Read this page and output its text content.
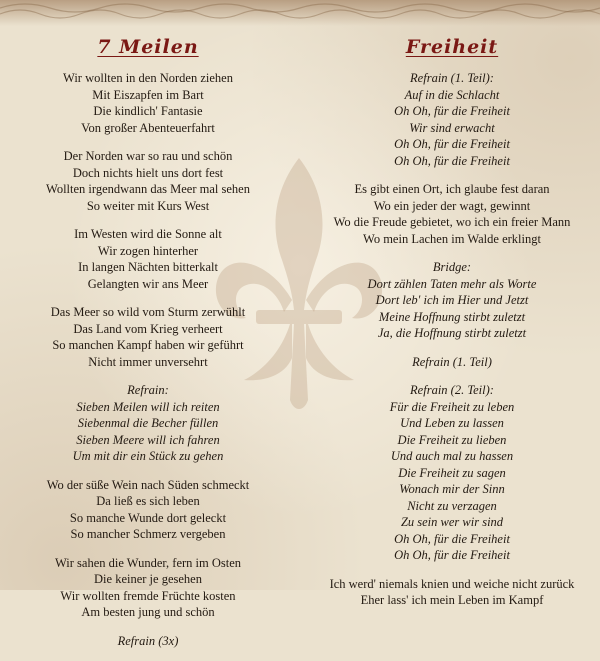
7 Meilen
Wir wollten in den Norden ziehen
Mit Eiszapfen im Bart
Die kindlich' Fantasie
Von großer Abenteuerfahrt
Der Norden war so rau und schön
Doch nichts hielt uns dort fest
Wollten irgendwann das Meer mal sehen
So weiter mit Kurs West
Im Westen wird die Sonne alt
Wir zogen hinterher
In langen Nächten bitterkalt
Gelangten wir ans Meer
Das Meer so wild vom Sturm zerwühlt
Das Land vom Krieg verheert
So manchen Kampf haben wir geführt
Nicht immer unversehrt
Refrain:
Sieben Meilen will ich reiten
Siebenmal die Becher füllen
Sieben Meere will ich fahren
Um mit dir ein Stück zu gehen
Wo der süße Wein nach Süden schmeckt
Da ließ es sich leben
So manche Wunde dort geleckt
So mancher Schmerz vergeben
Wir sahen die Wunder, fern im Osten
Die keiner je gesehen
Wir wollten fremde Früchte kosten
Am besten jung und schön
Refrain (3x)
Freiheit
Refrain (1. Teil):
Auf in die Schlacht
Oh Oh, für die Freiheit
Wir sind erwacht
Oh Oh, für die Freiheit
Oh Oh, für die Freiheit
Es gibt einen Ort, ich glaube fest daran
Wo ein jeder der wagt, gewinnt
Wo die Freude gebietet, wo ich ein freier Mann
Wo mein Lachen im Walde erklingt
Bridge:
Dort zählen Taten mehr als Worte
Dort leb' ich im Hier und Jetzt
Meine Hoffnung stirbt zuletzt
Ja, die Hoffnung stirbt zuletzt
Refrain (1. Teil)
Refrain (2. Teil):
Für die Freiheit zu leben
Und Leben zu lassen
Die Freiheit zu lieben
Und auch mal zu hassen
Die Freiheit zu sagen
Wonach mir der Sinn
Nicht zu verzagen
Zu sein wer wir sind
Oh Oh, für die Freiheit
Oh Oh, für die Freiheit
Ich werd' niemals knien und weiche nicht zurück
Eher lass' ich mein Leben im Kampf
